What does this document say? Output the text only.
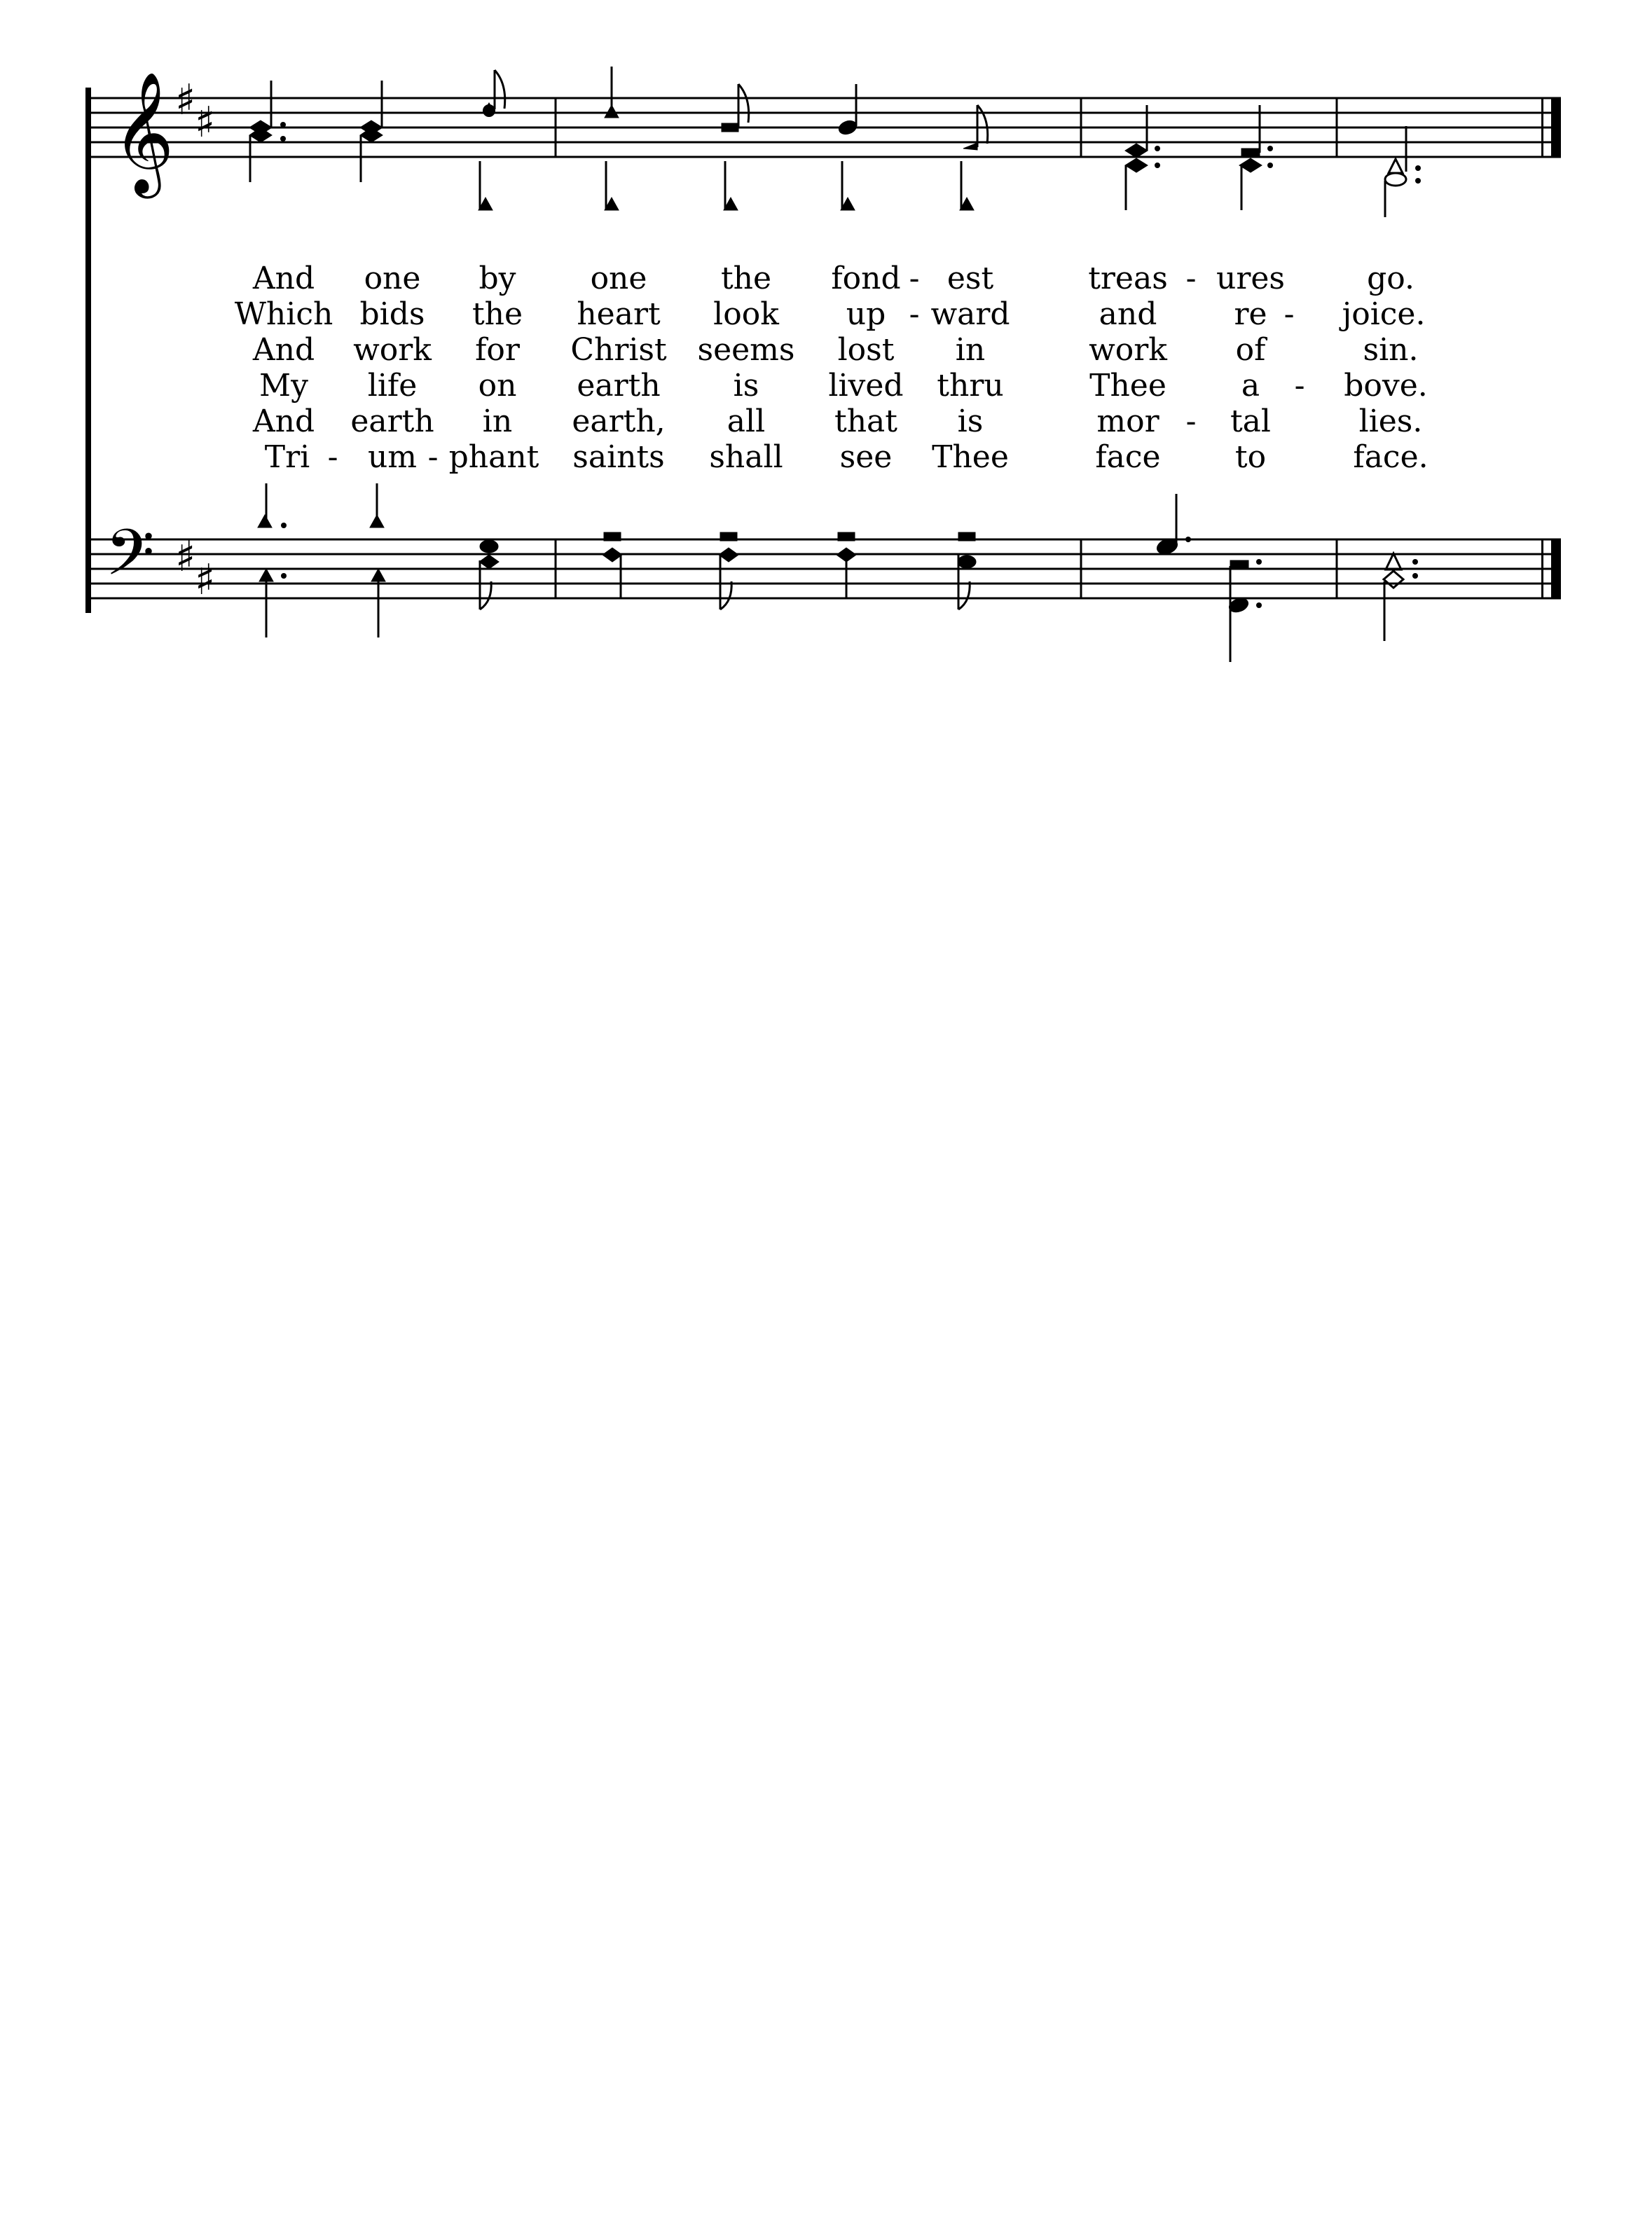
𝄞 ♯
♯
𝄢 ♯
♯
And one by one the fond - est	treas - ures	go.
Which bids the heart look up - ward	and	-
re joice.
And work for Christ seems lost in	work of	sin.
My life on earth is lived thru	Thee a - bove.
And earth in earth, all that is	mor - tal	lies.
Tri - um - phant saints shall see Thee	face to	face.
